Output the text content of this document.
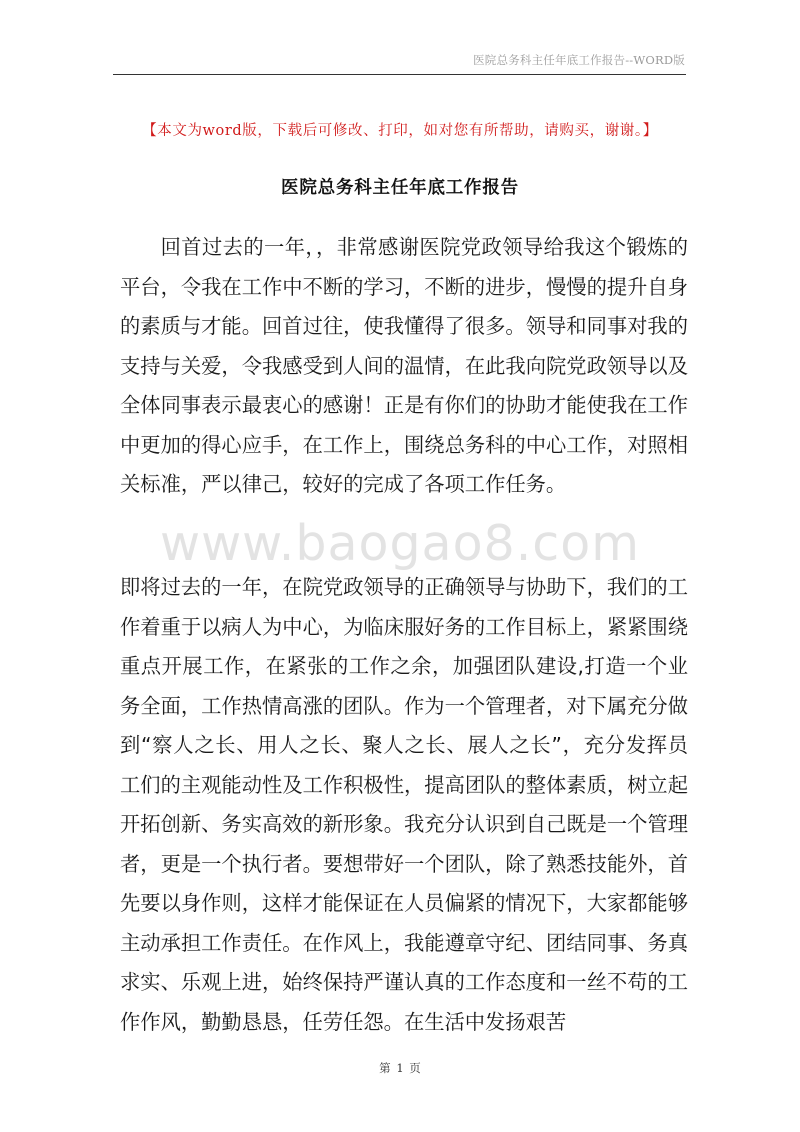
医院总务科主任年底工作报告--WORD版
【本文为word版，下载后可修改、打印，如对您有所帮助，请购买，谢谢。】
医院总务科主任年底工作报告

回首过去的一年，，非常感谢医院党政领导给我这个锻炼的平台，令我在工作中不断的学习，不断的进步，慢慢的提升自身的素质与才能。回首过往，使我懂得了很多。领导和同事对我的支持与关爱，令我感受到人间的温情，在此我向院党政领导以及全体同事表示最衷心的感谢！正是有你们的协助才能使我在工作中更加的得心应手，在工作上，围绕总务科的中心工作，对照相关标准，严以律己，较好的完成了各项工作任务。

www.baogao8.com

即将过去的一年，在院党政领导的正确领导与协助下，我们的工作着重于以病人为中心，为临床服好务的工作目标上，紧紧围绕重点开展工作，在紧张的工作之余，加强团队建设,打造一个业务全面，工作热情高涨的团队。作为一个管理者，对下属充分做到“察人之长、用人之长、聚人之长、展人之长”，充分发挥员工们的主观能动性及工作积极性，提高团队的整体素质，树立起开拓创新、务实高效的新形象。我充分认识到自己既是一个管理者，更是一个执行者。要想带好一个团队，除了熟悉技能外，首先要以身作则，这样才能保证在人员偏紧的情况下，大家都能够主动承担工作责任。在作风上，我能遵章守纪、团结同事、务真求实、乐观上进，始终保持严谨认真的工作态度和一丝不苟的工作作风，勤勤恳恳，任劳任怨。在生活中发扬艰苦

第 1 页
